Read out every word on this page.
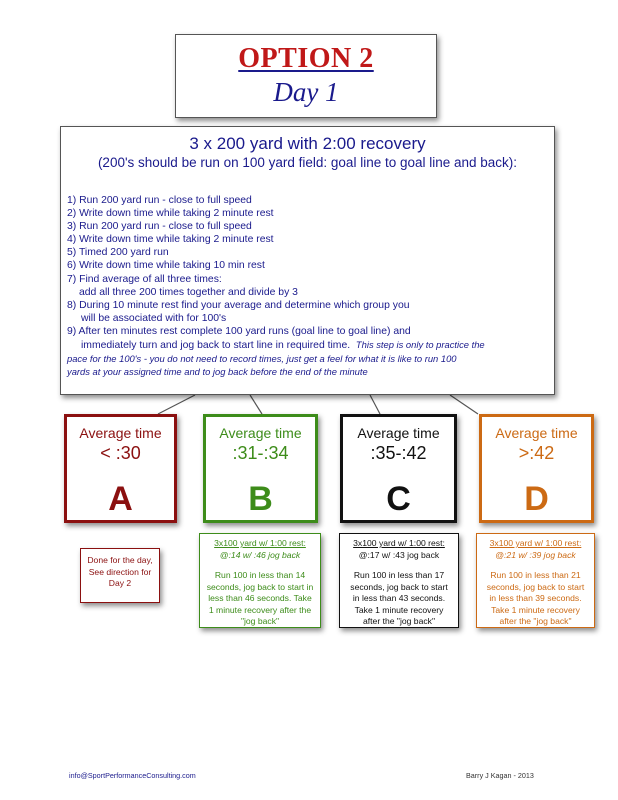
OPTION 2
Day 1
3 x 200 yard with 2:00 recovery
(200's should be run on 100 yard field: goal line to goal line and back):
1) Run 200 yard run - close to full speed
2) Write down time while taking 2 minute rest
3) Run 200 yard run - close to full speed
4) Write down time while taking 2 minute rest
5) Timed 200 yard run
6) Write down time while taking 10 min rest
7) Find average of all three times:
add all three 200 times together and divide by 3
8) During 10 minute rest find your average and determine which group you
will be associated with for 100's
9) After ten minutes rest complete 100 yard runs (goal line to goal line) and
immediately turn and jog back to start line in required time. This step is only to practice the
pace for the 100's - you do not need to record times, just get a feel for what it is like to run 100
yards at your assigned time and to jog back before the end of the minute
Average time
< :30
A
Done for the day,
See direction for
Day 2
Average time
:31-:34
B
3x100 yard w/ 1:00 rest:
@:14 w/ :46 jog back
Run 100 in less than 14
seconds, jog back to start in
less than 46 seconds. Take
1 minute recovery after the
"jog back"
Average time
:35-:42
C
3x100 yard w/ 1:00 rest:
@:17 w/ :43 jog back
Run 100 in less than 17
seconds, jog back to start
in less than 43 seconds.
Take 1 minute recovery
after the "jog back"
Average time
>:42
D
3x100 yard w/ 1:00 rest:
@:21 w/ :39 jog back
Run 100 in less than 21
seconds, jog back to start
in less than 39 seconds.
Take 1 minute recovery
after the "jog back"
info@SportPerformanceConsulting.com	Barry J Kagan - 2013
